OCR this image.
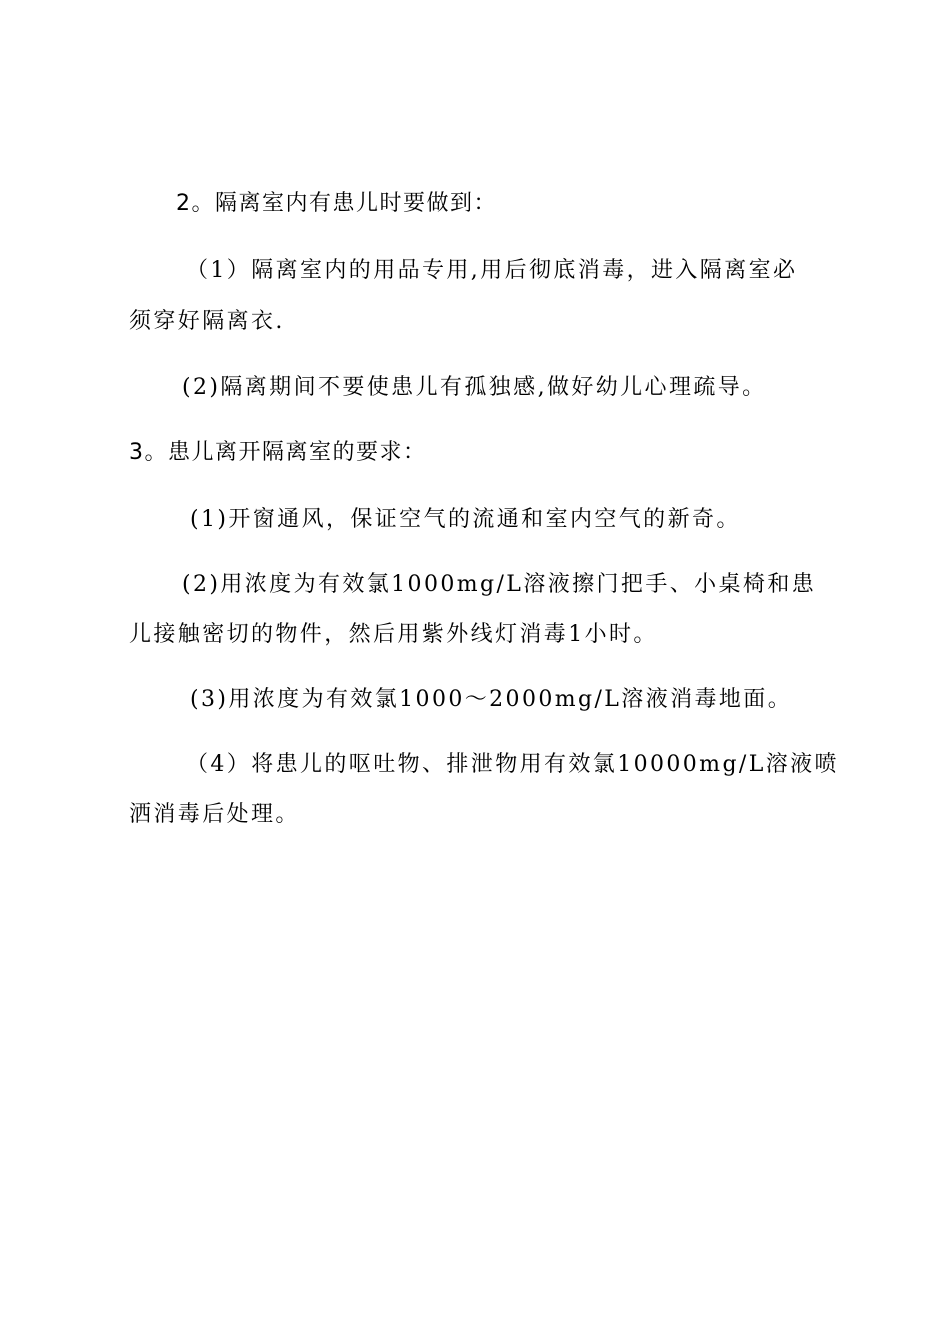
2。隔离室内有患儿时要做到：
（1）隔离室内的用品专用,用后彻底消毒，进入隔离室必
须穿好隔离衣.
(2)隔离期间不要使患儿有孤独感,做好幼儿心理疏导。
3。患儿离开隔离室的要求：
(1)开窗通风，保证空气的流通和室内空气的新奇。
(2)用浓度为有效氯1000mg/L溶液擦门把手、小桌椅和患
儿接触密切的物件，然后用紫外线灯消毒1小时。
(3)用浓度为有效氯1000～2000mg/L溶液消毒地面。
（4）将患儿的呕吐物、排泄物用有效氯10000mg/L溶液喷
洒消毒后处理。
